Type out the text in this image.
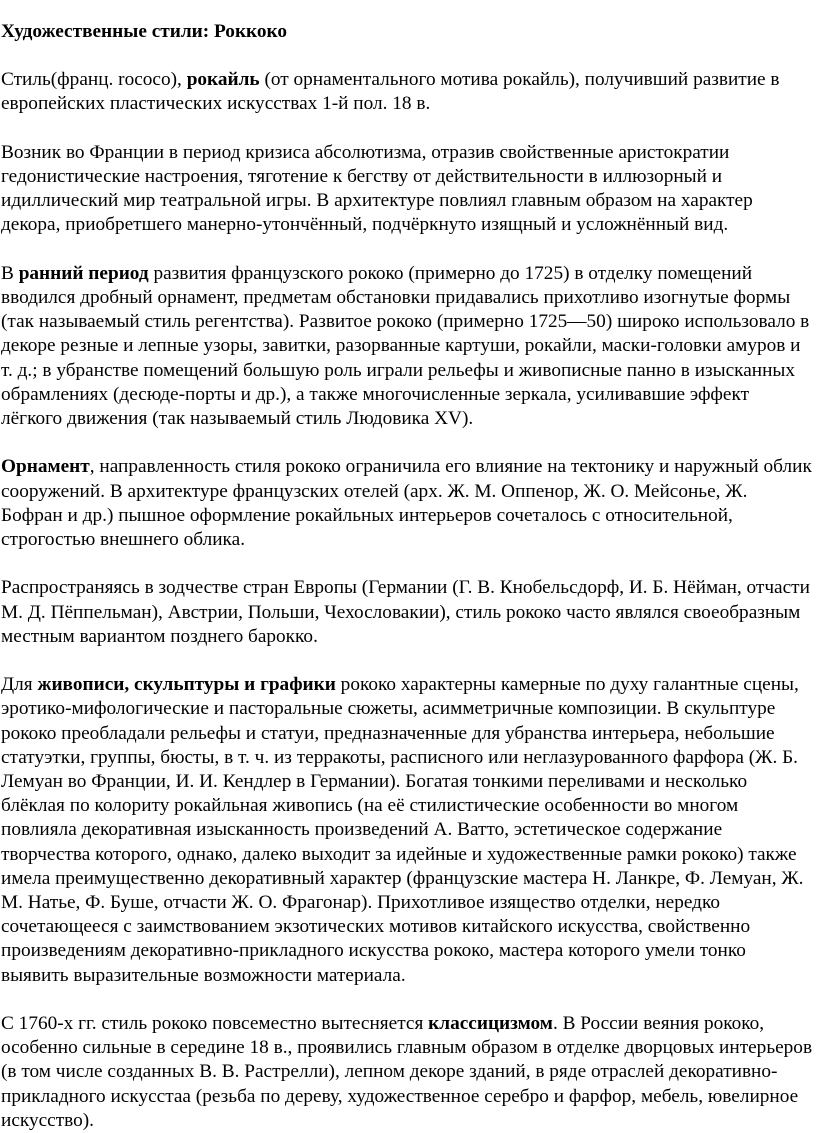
Художественные стили: Роккоко

Стиль(франц. rococo), рокайль (от орнаментального мотива рокайль), получивший развитие в европейских пластических искусствах 1-й пол. 18 в.

Возник во Франции в период кризиса абсолютизма, отразив свойственные аристократии гедонистические настроения, тяготение к бегству от действительности в иллюзорный и идиллический мир театральной игры. В архитектуре повлиял главным образом на характер декора, приобретшего манерно-утончённый, подчёркнуто изящный и усложнённый вид.

В ранний период развития французского рококо (примерно до 1725) в отделку помещений вводился дробный орнамент, предметам обстановки придавались прихотливо изогнутые формы (так называемый стиль регентства). Развитое рококо (примерно 1725—50) широко использовало в декоре резные и лепные узоры, завитки, разорванные картуши, рокайли, маски-головки амуров и т. д.; в убранстве помещений большую роль играли рельефы и живописные панно в изысканных обрамлениях (десюде-порты и др.), а также многочисленные зеркала, усиливавшие эффект лёгкого движения (так называемый стиль Людовика XV).

Орнамент, направленность стиля рококо ограничила его влияние на тектонику и наружный облик сооружений. В архитектуре французских отелей (арх. Ж. М. Оппенор, Ж. О. Мейсонье, Ж. Бофран и др.) пышное оформление рокайльных интерьеров сочеталось с относительной, строгостью внешнего облика.

Распространяясь в зодчестве стран Европы (Германии (Г. В. Кнобельсдорф, И. Б. Нёйман, отчасти М. Д. Пёппельман), Австрии, Польши, Чехословакии), стиль рококо часто являлся своеобразным местным вариантом позднего барокко.

Для живописи, скульптуры и графики рококо характерны камерные по духу галантные сцены, эротико-мифологические и пасторальные сюжеты, асимметричные композиции. В скульптуре рококо преобладали рельефы и статуи, предназначенные для убранства интерьера, небольшие статуэтки, группы, бюсты, в т. ч. из терракоты, расписного или неглазурованного фарфора (Ж. Б. Лемуан во Франции, И. И. Кендлер в Германии). Богатая тонкими переливами и несколько блёклая по колориту рокайльная живопись (на её стилистические особенности во многом повлияла декоративная изысканность произведений А. Ватто, эстетическое содержание творчества которого, однако, далеко выходит за идейные и художественные рамки рококо) также имела преимущественно декоративный характер (французские мастера Н. Ланкре, Ф. Лемуан, Ж. М. Натье, Ф. Буше, отчасти Ж. О. Фрагонар). Прихотливое изящество отделки, нередко сочетающееся с заимствованием экзотических мотивов китайского искусства, свойственно произведениям декоративно-прикладного искусства рококо, мастера которого умели тонко выявить выразительные возможности материала.

С 1760-х гг. стиль рококо повсеместно вытесняется классицизмом. В России веяния рококо, особенно сильные в середине 18 в., проявились главным образом в отделке дворцовых интерьеров (в том числе созданных В. В. Растрелли), лепном декоре зданий, в ряде отраслей декоративно-прикладного искусстаа (резьба по дереву, художественное серебро и фарфор, мебель, ювелирное искусство).
